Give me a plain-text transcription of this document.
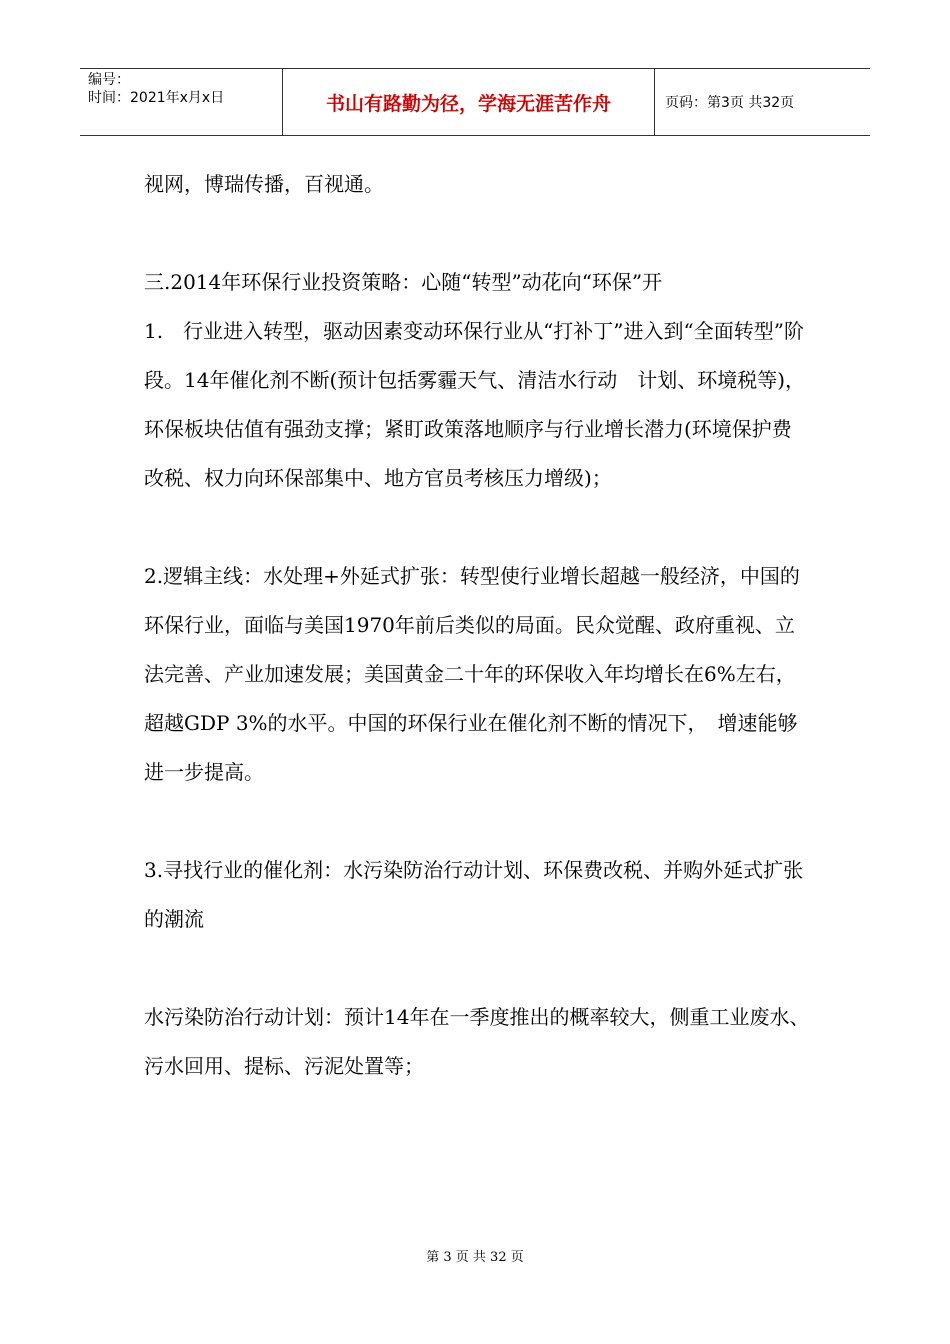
编号：
时间：2021年x月x日	书山有路勤为径，学海无涯苦作舟	页码：第3页 共32页

视网，博瑞传播，百视通。

三.2014年环保行业投资策略：心随“转型”动花向“环保”开

1.　行业进入转型，驱动因素变动环保行业从“打补丁”进入到“全面转型”阶段。14年催化剂不断(预计包括雾霾天气、清洁水行动　计划、环境税等)，环保板块估值有强劲支撑；紧盯政策落地顺序与行业增长潜力(环境保护费改税、权力向环保部集中、地方官员考核压力增级)；

2.逻辑主线：水处理+外延式扩张：转型使行业增长超越一般经济，中国的环保行业，面临与美国1970年前后类似的局面。民众觉醒、政府重视、立法完善、产业加速发展；美国黄金二十年的环保收入年均增长在6%左右，超越GDP 3%的水平。中国的环保行业在催化剂不断的情况下，　增速能够进一步提高。

3.寻找行业的催化剂：水污染防治行动计划、环保费改税、并购外延式扩张的潮流

水污染防治行动计划：预计14年在一季度推出的概率较大，侧重工业废水、污水回用、提标、污泥处置等；

第 3 页 共 32 页
